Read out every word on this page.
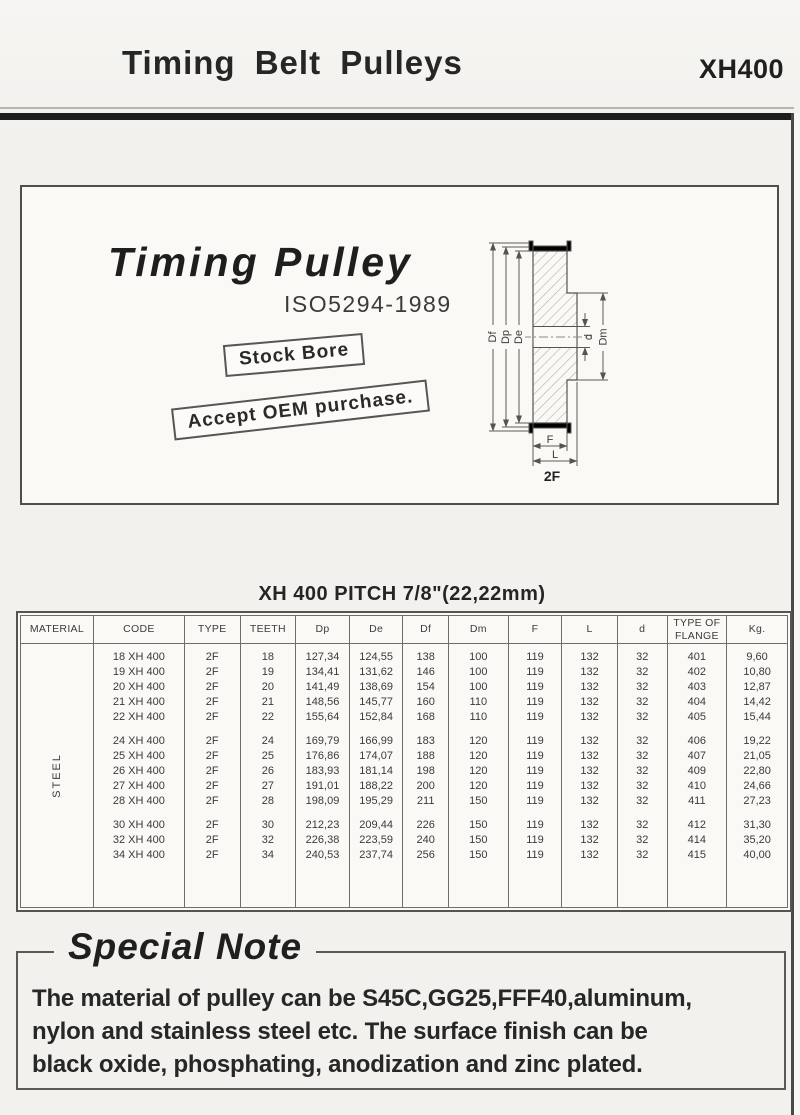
Timing Belt Pulleys	XH400
Timing Pulley
ISO5294-1989
Stock Bore
Accept OEM purchase.
Df Dp De	d Dm
F
L
2F
XH 400 PITCH 7/8"(22,22mm)
MATERIAL	CODE	TYPE	TEETH	Dp	De	Df	Dm	F	L	d	TYPE OF FLANGE	Kg.
STEEL												
	18 XH 400	2F	18	127,34	124,55	138	100	119	132	32	401	9,60
	19 XH 400	2F	19	134,41	131,62	146	100	119	132	32	402	10,80
	20 XH 400	2F	20	141,49	138,69	154	100	119	132	32	403	12,87
	21 XH 400	2F	21	148,56	145,77	160	110	119	132	32	404	14,42
	22 XH 400	2F	22	155,64	152,84	168	110	119	132	32	405	15,44

	24 XH 400	2F	24	169,79	166,99	183	120	119	132	32	406	19,22
	25 XH 400	2F	25	176,86	174,07	188	120	119	132	32	407	21,05
	26 XH 400	2F	26	183,93	181,14	198	120	119	132	32	409	22,80
	27 XH 400	2F	27	191,01	188,22	200	120	119	132	32	410	24,66
	28 XH 400	2F	28	198,09	195,29	211	150	119	132	32	411	27,23

	30 XH 400	2F	30	212,23	209,44	226	150	119	132	32	412	31,30
	32 XH 400	2F	32	226,38	223,59	240	150	119	132	32	414	35,20
	34 XH 400	2F	34	240,53	237,74	256	150	119	132	32	415	40,00

Special Note
The material of pulley can be S45C,GG25,FFF40,aluminum,
nylon and stainless steel etc. The surface finish can be
black oxide, phosphating, anodization and zinc plated.
